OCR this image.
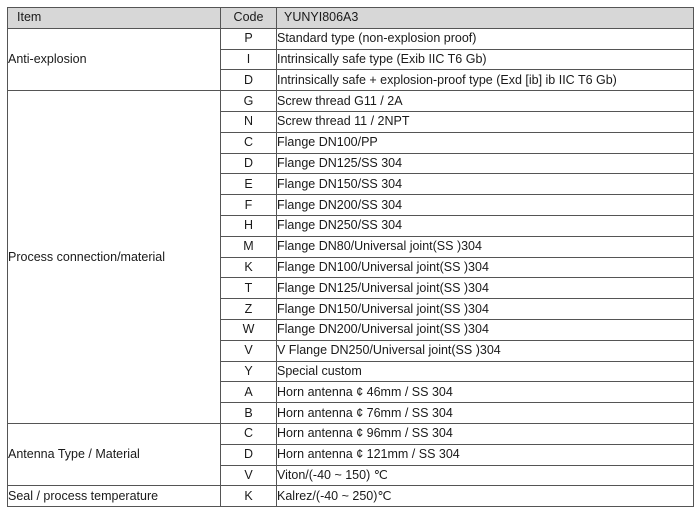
Item	Code	YUNYI806A3
Anti-explosion	P	Standard type (non-explosion proof)
	I	Intrinsically safe type (Exib IIC T6 Gb)
	D	Intrinsically safe + explosion-proof type (Exd [ib] ib IIC T6 Gb)
Process connection/material	G	Screw thread G11 / 2A
	N	Screw thread 11 / 2NPT
	C	Flange DN100/PP
	D	Flange DN125/SS 304
	E	Flange DN150/SS 304
	F	Flange DN200/SS 304
	H	Flange DN250/SS 304
	M	Flange DN80/Universal joint(SS )304
	K	Flange DN100/Universal joint(SS )304
	T	Flange DN125/Universal joint(SS )304
	Z	Flange DN150/Universal joint(SS )304
	W	Flange DN200/Universal joint(SS )304
	V	V Flange DN250/Universal joint(SS )304
	Y	Special custom
	A	Horn antenna ¢ 46mm / SS 304
	B	Horn antenna ¢ 76mm / SS 304
Antenna Type / Material	C	Horn antenna ¢ 96mm / SS 304
	D	Horn antenna ¢ 121mm / SS 304
	V	Viton/(-40 ~ 150) ℃
Seal / process temperature	K	Kalrez/(-40 ~ 250)℃
